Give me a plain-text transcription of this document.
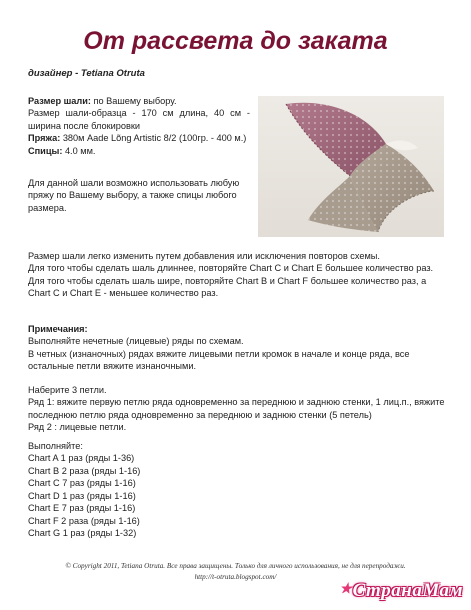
От рассвета до заката
дизайнер - Tetiana Otruta

Размер шали: по Вашему выбору.

Размер шали-образца - 170 см длина, 40 см - ширина после блокировки

Пряжа: 380м Aade Lõng Artistic 8/2 (100гр. - 400 м.)

Спицы: 4.0 мм.

Для данной шали возможно использовать любую пряжу по Вашему выбору, а также спицы любого размера.

Размер шали легко изменить путем добавления или исключения повторов схемы.

Для того чтобы сделать шаль длиннее, повторяйте Chart C и Chart E большее количество раз.

Для того чтобы сделать шаль шире, повторяйте Chart B и Chart F большее количество раз, а Chart C и Chart E - меньшее количество раз.

Примечания:

Выполняйте нечетные (лицевые) ряды по схемам.

В четных (изнаночных) рядах вяжите лицевыми петли кромок в начале и конце ряда, все остальные петли вяжите изнаночными.

Наберите 3 петли.

Ряд 1: вяжите первую петлю ряда одновременно за переднюю и заднюю стенки, 1 лиц.п., вяжите последнюю петлю ряда одновременно за переднюю и заднюю стенки (5 петель)

Ряд 2 : лицевые петли.

Выполняйте:

Chart A 1 раз (ряды 1-36)

Chart B 2 раза (ряды 1-16)

Chart C 7 раз (ряды 1-16)

Chart D 1 раз (ряды 1-16)

Chart E 7 раз (ряды 1-16)

Chart F 2 раза (ряды 1-16)

Chart G 1 раз (ряды 1-32)

© Copyright 2011, Tetiana Otruta. Все права защищены. Только для личного использования, не для перепродажи.
http://t-otruta.blogspot.com/
★СтранаМам
